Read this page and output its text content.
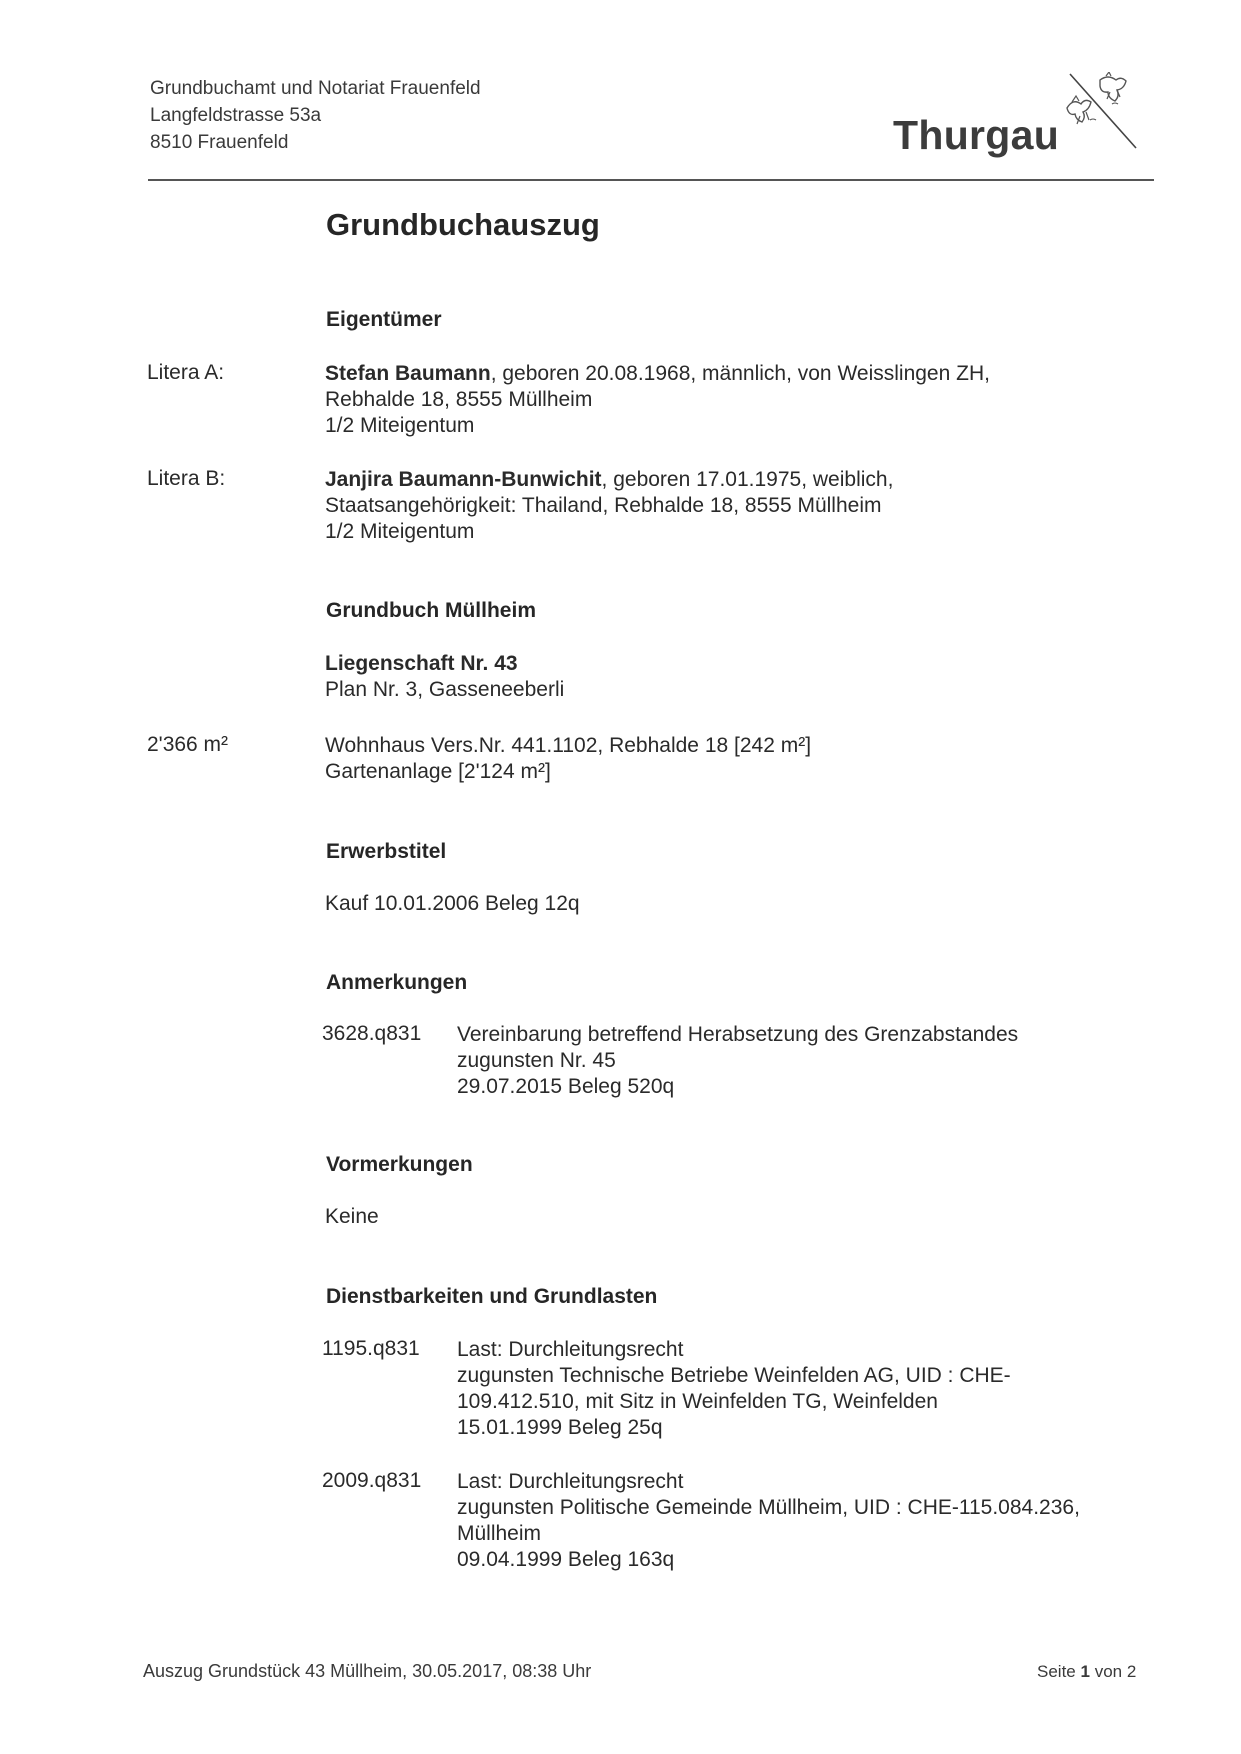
Grundbuchamt und Notariat Frauenfeld
Langfeldstrasse 53a
8510 Frauenfeld	Thurgau
Grundbuchauszug
Eigentümer
Litera A:	Stefan Baumann, geboren 20.08.1968, männlich, von Weisslingen ZH,
Rebhalde 18, 8555 Müllheim
1/2 Miteigentum
Litera B:	Janjira Baumann-Bunwichit, geboren 17.01.1975, weiblich,
Staatsangehörigkeit: Thailand, Rebhalde 18, 8555 Müllheim
1/2 Miteigentum
Grundbuch Müllheim
Liegenschaft Nr. 43
Plan Nr. 3, Gasseneeberli
2'366 m²	Wohnhaus Vers.Nr. 441.1102, Rebhalde 18 [242 m²]
Gartenanlage [2'124 m²]
Erwerbstitel
Kauf 10.01.2006 Beleg 12q
Anmerkungen
3628.q831 Vereinbarung betreffend Herabsetzung des Grenzabstandes
zugunsten Nr. 45
29.07.2015 Beleg 520q
Vormerkungen
Keine
Dienstbarkeiten und Grundlasten
1195.q831 Last: Durchleitungsrecht
zugunsten Technische Betriebe Weinfelden AG, UID : CHE-
109.412.510, mit Sitz in Weinfelden TG, Weinfelden
15.01.1999 Beleg 25q
2009.q831 Last: Durchleitungsrecht
zugunsten Politische Gemeinde Müllheim, UID : CHE-115.084.236,
Müllheim
09.04.1999 Beleg 163q
Auszug Grundstück 43 Müllheim, 30.05.2017, 08:38 Uhr	Seite 1 von 2
